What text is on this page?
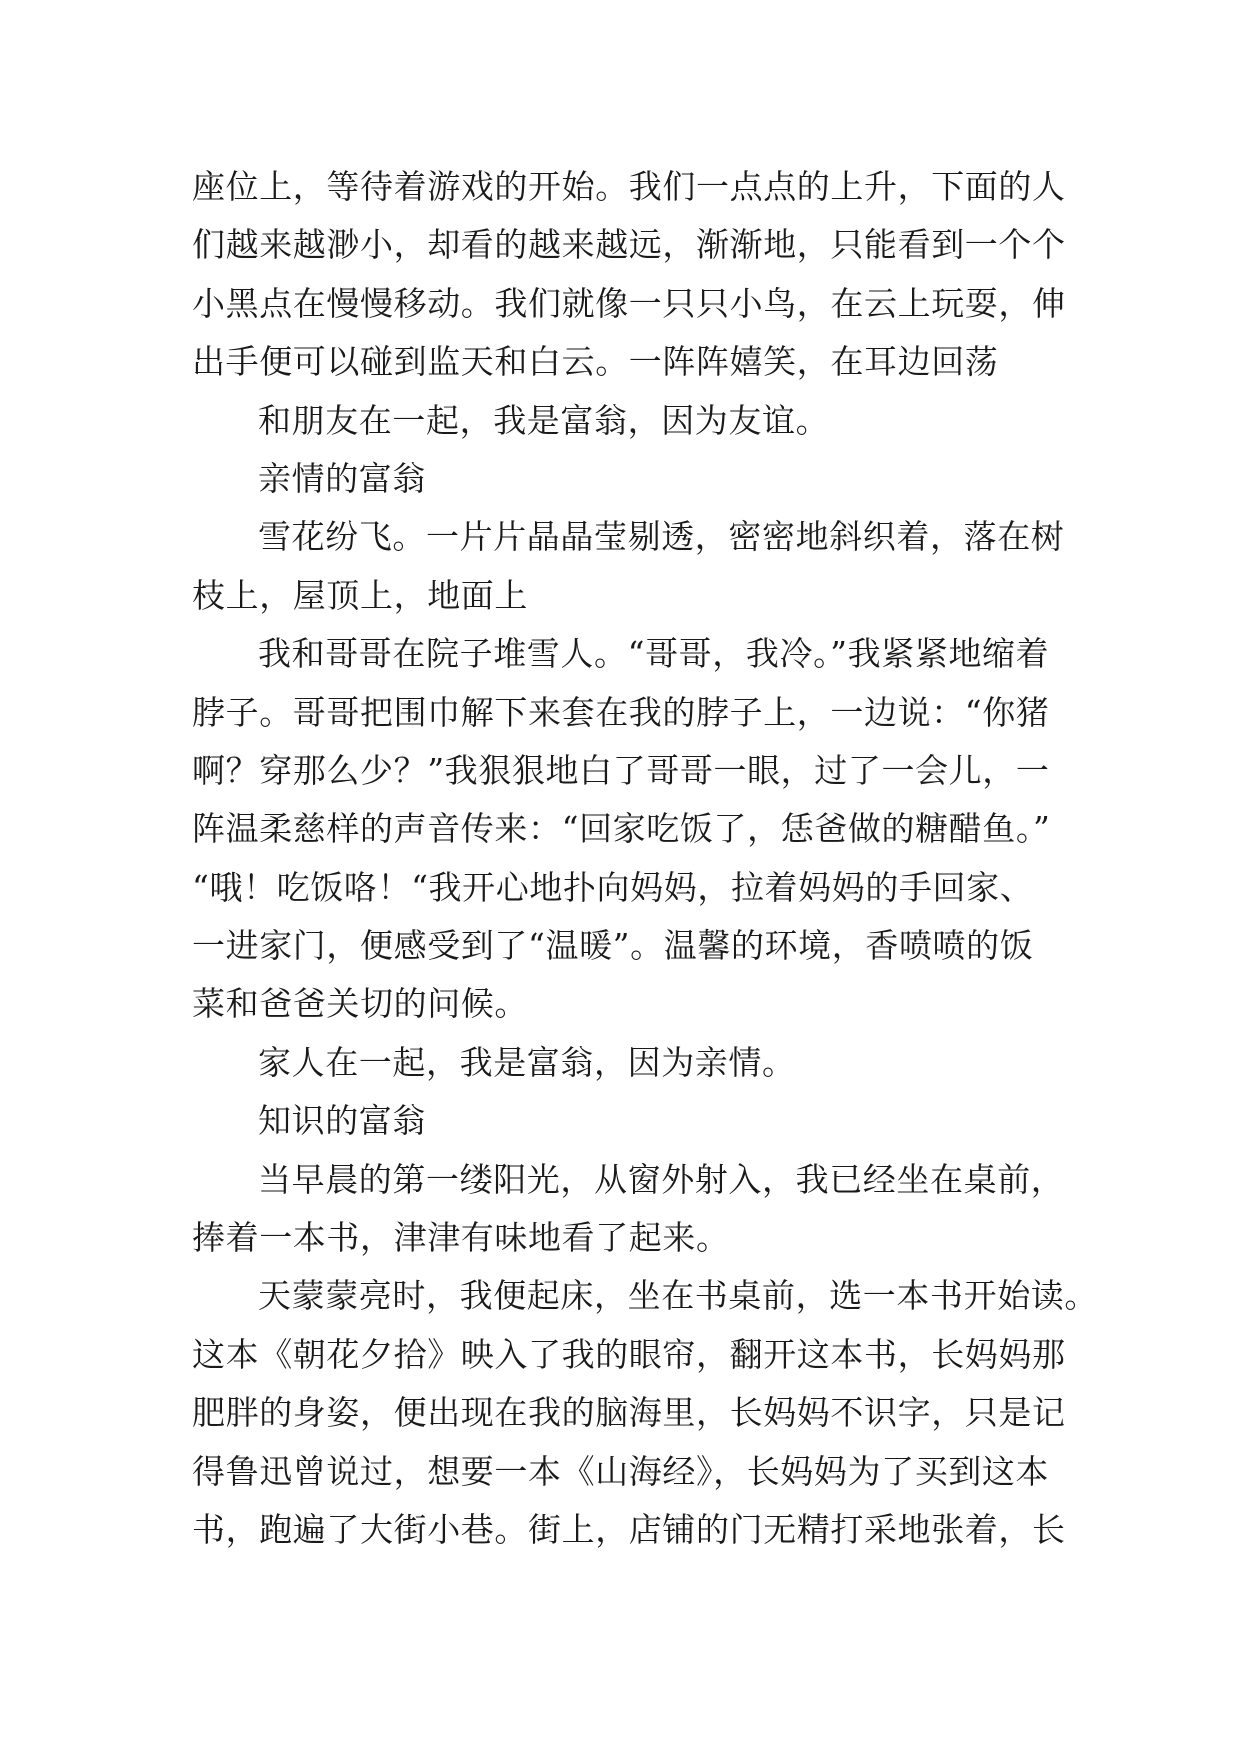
座位上，等待着游戏的开始。我们一点点的上升，下面的人
们越来越渺小，却看的越来越远，渐渐地，只能看到一个个
小黑点在慢慢移动。我们就像一只只小鸟，在云上玩耍，伸
出手便可以碰到监天和白云。一阵阵嬉笑，在耳边回荡
和朋友在一起，我是富翁，因为友谊。
亲情的富翁
雪花纷飞。一片片晶晶莹剔透，密密地斜织着，落在树
枝上，屋顶上，地面上
我和哥哥在院子堆雪人。“哥哥，我冷。”我紧紧地缩着
脖子。哥哥把围巾解下来套在我的脖子上，一边说：“你猪
啊？穿那么少？”我狠狠地白了哥哥一眼，过了一会儿，一
阵温柔慈样的声音传来：“回家吃饭了，恁爸做的糖醋鱼。”
“哦！吃饭咯！“我开心地扑向妈妈，拉着妈妈的手回家、
一进家门，便感受到了“温暖”。温馨的环境，香喷喷的饭
菜和爸爸关切的问候。
家人在一起，我是富翁，因为亲情。
知识的富翁
当早晨的第一缕阳光，从窗外射入，我已经坐在桌前，
捧着一本书，津津有味地看了起来。
天蒙蒙亮时，我便起床，坐在书桌前，选一本书开始读。
这本《朝花夕拾》映入了我的眼帘，翻开这本书，长妈妈那
肥胖的身姿，便出现在我的脑海里，长妈妈不识字，只是记
得鲁迅曾说过，想要一本《山海经》，长妈妈为了买到这本
书，跑遍了大街小巷。街上，店铺的门无精打采地张着，长
